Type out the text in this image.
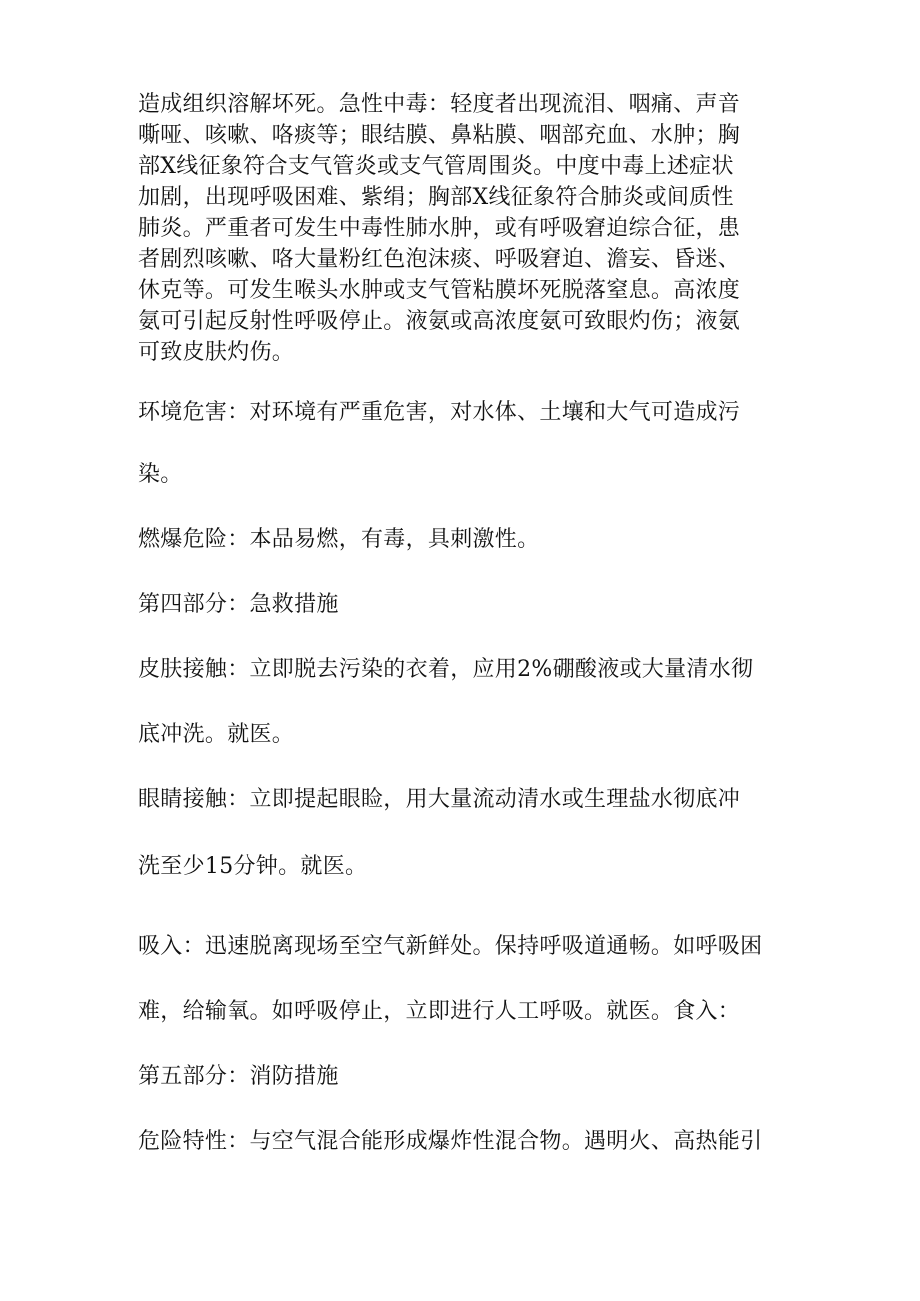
造成组织溶解坏死。急性中毒：轻度者出现流泪、咽痛、声音
嘶哑、咳嗽、咯痰等；眼结膜、鼻粘膜、咽部充血、水肿；胸
部X线征象符合支气管炎或支气管周围炎。中度中毒上述症状
加剧，出现呼吸困难、紫绢；胸部X线征象符合肺炎或间质性
肺炎。严重者可发生中毒性肺水肿，或有呼吸窘迫综合征，患
者剧烈咳嗽、咯大量粉红色泡沫痰、呼吸窘迫、澹妄、昏迷、
休克等。可发生喉头水肿或支气管粘膜坏死脱落窒息。高浓度
氨可引起反射性呼吸停止。液氨或高浓度氨可致眼灼伤；液氨
可致皮肤灼伤。
环境危害：对环境有严重危害，对水体、土壤和大气可造成污
染。
燃爆危险：本品易燃，有毒，具刺激性。
第四部分：急救措施
皮肤接触：立即脱去污染的衣着，应用2%硼酸液或大量清水彻
底冲洗。就医。
眼睛接触：立即提起眼睑，用大量流动清水或生理盐水彻底冲
洗至少15分钟。就医。
吸入：迅速脱离现场至空气新鲜处。保持呼吸道通畅。如呼吸困
难，给输氧。如呼吸停止，立即进行人工呼吸。就医。食入：
第五部分：消防措施
危险特性：与空气混合能形成爆炸性混合物。遇明火、高热能引
